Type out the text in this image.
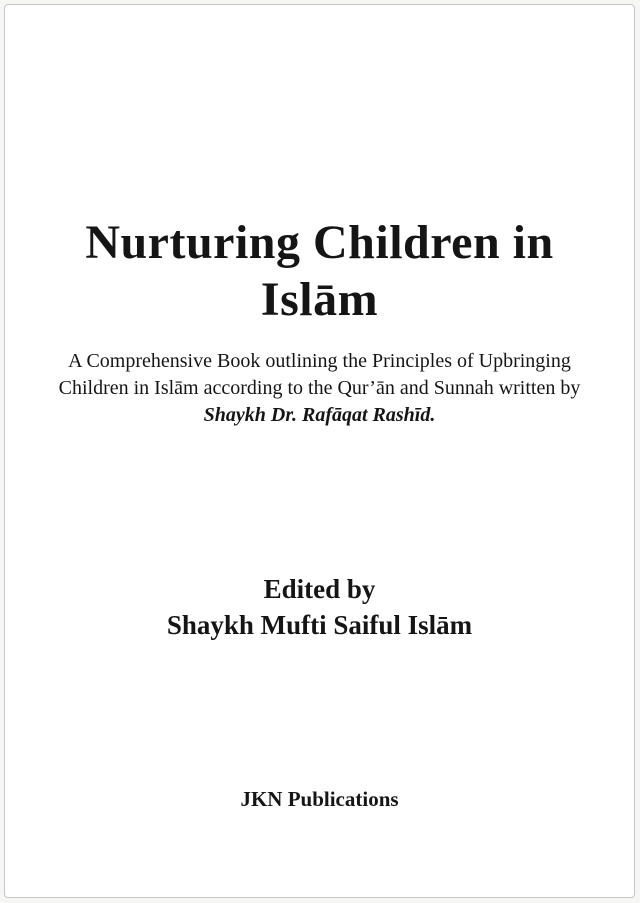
Nurturing Children in
Islām
A Comprehensive Book outlining the Principles of Upbringing
Children in Islām according to the Qur’ān and Sunnah written by
Shaykh Dr. Rafāqat Rashīd.
Edited by
Shaykh Mufti Saiful Islām
JKN Publications
